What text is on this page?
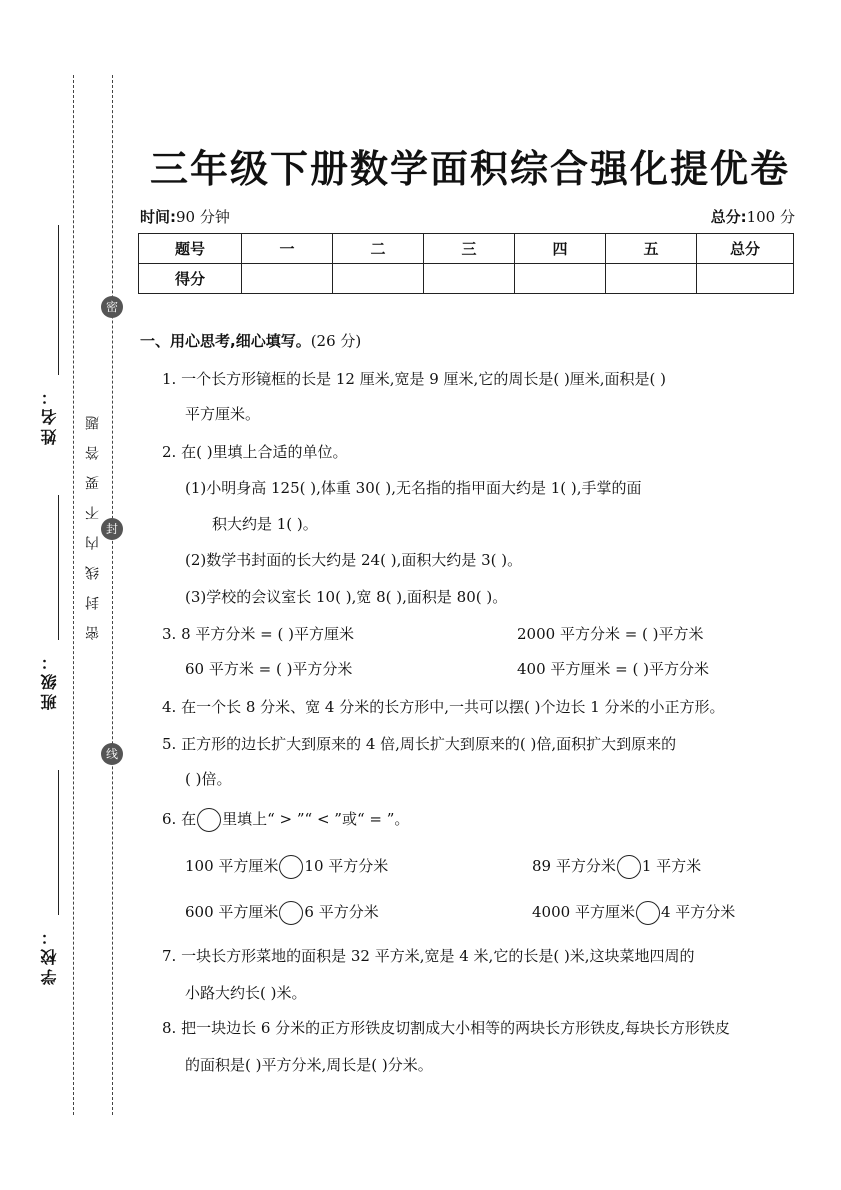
姓名：
班级：
学校：
密封线内不要答题
密
封
线
三年级下册数学面积综合强化提优卷
时间:90 分钟	总分:100 分
题号	一	二	三	四	五	总分
得分						
一、用心思考,细心填写。(26 分)
1. 一个长方形镜框的长是 12 厘米,宽是 9 厘米,它的周长是( )厘米,面积是( )
平方厘米。
2. 在( )里填上合适的单位。
(1)小明身高 125( ),体重 30( ),无名指的指甲面大约是 1( ),手掌的面
积大约是 1( )。
(2)数学书封面的长大约是 24( ),面积大约是 3( )。
(3)学校的会议室长 10( ),宽 8( ),面积是 80( )。
3. 8 平方分米 = ( )平方厘米	2000 平方分米 = ( )平方米
60 平方米 = ( )平方分米	400 平方厘米 = ( )平方分米
4. 在一个长 8 分米、宽 4 分米的长方形中,一共可以摆( )个边长 1 分米的小正方形。
5. 正方形的边长扩大到原来的 4 倍,周长扩大到原来的( )倍,面积扩大到原来的
( )倍。
6. 在 里填上“ > ”“ < ”或“ = ”。
100 平方厘米 10 平方分米	89 平方分米 1 平方米
600 平方厘米 6 平方分米	4000 平方厘米 4 平方分米
7. 一块长方形菜地的面积是 32 平方米,宽是 4 米,它的长是( )米,这块菜地四周的
小路大约长( )米。
8. 把一块边长 6 分米的正方形铁皮切割成大小相等的两块长方形铁皮,每块长方形铁皮
的面积是( )平方分米,周长是( )分米。
